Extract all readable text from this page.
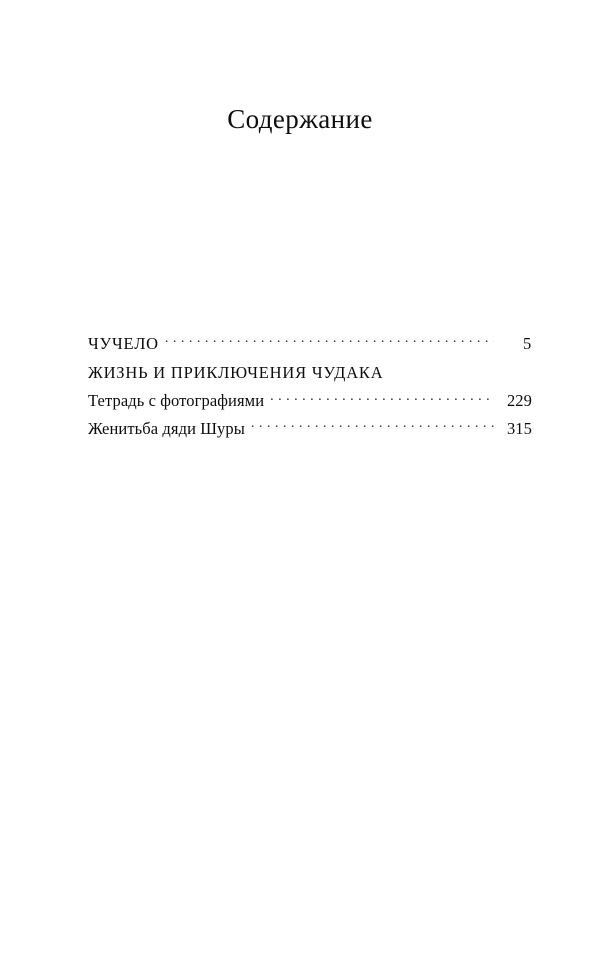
Содержание
ЧУЧЕЛО . . .	5
ЖИЗНЬ И ПРИКЛЮЧЕНИЯ ЧУДАКА
Тетрадь с фотографиями . . .	229
Женитьба дяди Шуры . . .	315
